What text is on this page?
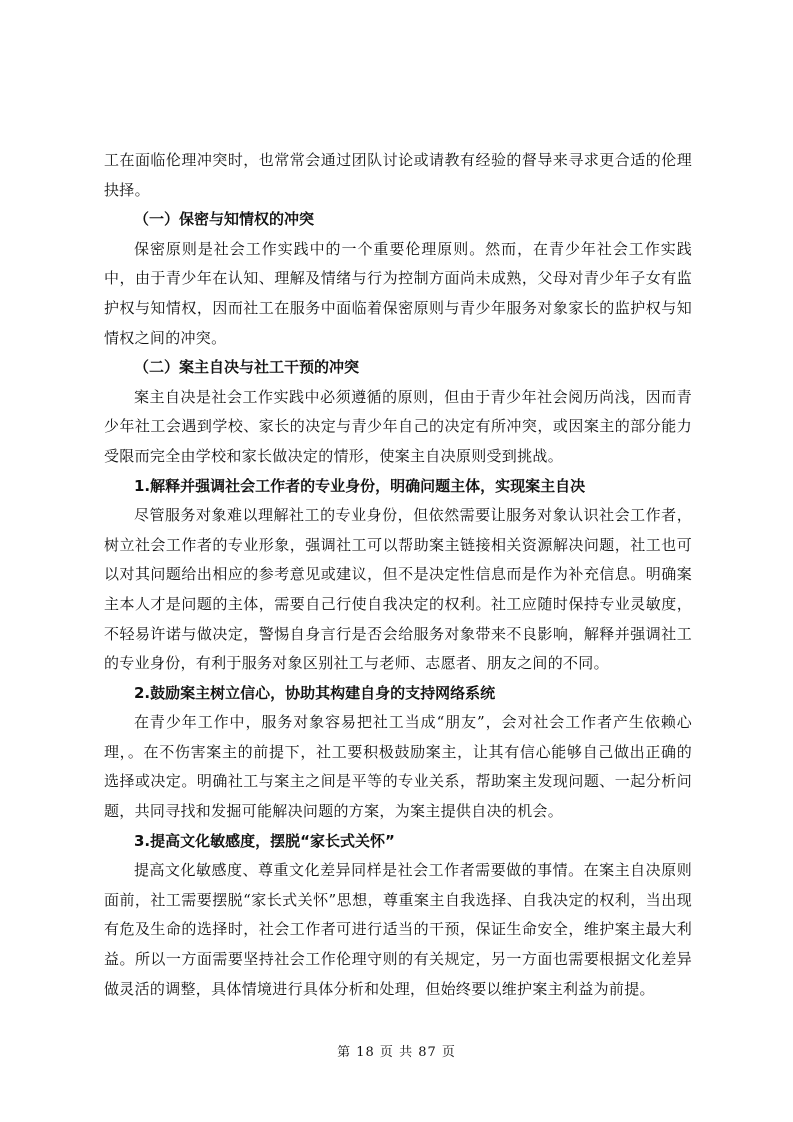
工在面临伦理冲突时，也常常会通过团队讨论或请教有经验的督导来寻求更合适的伦理抉择。

（一）保密与知情权的冲突

保密原则是社会工作实践中的一个重要伦理原则。然而，在青少年社会工作实践中，由于青少年在认知、理解及情绪与行为控制方面尚未成熟，父母对青少年子女有监护权与知情权，因而社工在服务中面临着保密原则与青少年服务对象家长的监护权与知情权之间的冲突。

（二）案主自决与社工干预的冲突

案主自决是社会工作实践中必须遵循的原则，但由于青少年社会阅历尚浅，因而青少年社工会遇到学校、家长的决定与青少年自己的决定有所冲突，或因案主的部分能力受限而完全由学校和家长做决定的情形，使案主自决原则受到挑战。

1.解释并强调社会工作者的专业身份，明确问题主体，实现案主自决

尽管服务对象难以理解社工的专业身份，但依然需要让服务对象认识社会工作者，树立社会工作者的专业形象，强调社工可以帮助案主链接相关资源解决问题，社工也可以对其问题给出相应的参考意见或建议，但不是决定性信息而是作为补充信息。明确案主本人才是问题的主体，需要自己行使自我决定的权利。社工应随时保持专业灵敏度，不轻易许诺与做决定，警惕自身言行是否会给服务对象带来不良影响，解释并强调社工的专业身份，有利于服务对象区别社工与老师、志愿者、朋友之间的不同。

2.鼓励案主树立信心，协助其构建自身的支持网络系统

在青少年工作中，服务对象容易把社工当成“朋友”，会对社会工作者产生依赖心理，。在不伤害案主的前提下，社工要积极鼓励案主，让其有信心能够自己做出正确的选择或决定。明确社工与案主之间是平等的专业关系，帮助案主发现问题、一起分析问题，共同寻找和发掘可能解决问题的方案，为案主提供自决的机会。

3.提高文化敏感度，摆脱“家长式关怀”

提高文化敏感度、尊重文化差异同样是社会工作者需要做的事情。在案主自决原则面前，社工需要摆脱“家长式关怀”思想，尊重案主自我选择、自我决定的权利，当出现有危及生命的选择时，社会工作者可进行适当的干预，保证生命安全，维护案主最大利益。所以一方面需要坚持社会工作伦理守则的有关规定，另一方面也需要根据文化差异做灵活的调整，具体情境进行具体分析和处理，但始终要以维护案主利益为前提。

第 18 页 共 87 页
